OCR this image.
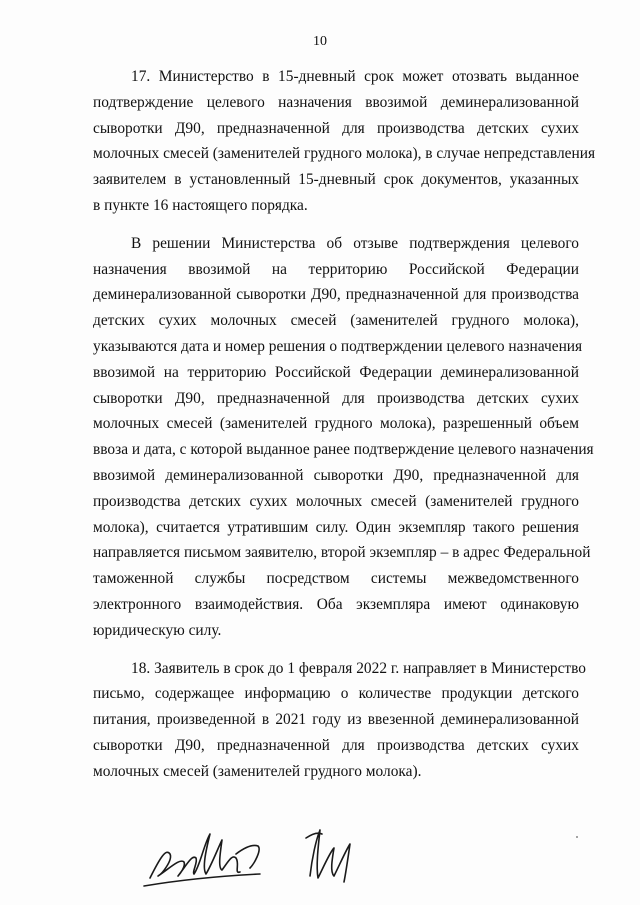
10
17. Министерство в 15-дневный срок может отозвать выданное
подтверждение целевого назначения ввозимой деминерализованной
сыворотки Д90, предназначенной для производства детских сухих
молочных смесей (заменителей грудного молока), в случае непредставления
заявителем в установленный 15-дневный срок документов, указанных
в пункте 16 настоящего порядка.
В решении Министерства об отзыве подтверждения целевого
назначения ввозимой на территорию Российской Федерации
деминерализованной сыворотки Д90, предназначенной для производства
детских сухих молочных смесей (заменителей грудного молока),
указываются дата и номер решения о подтверждении целевого назначения
ввозимой на территорию Российской Федерации деминерализованной
сыворотки Д90, предназначенной для производства детских сухих
молочных смесей (заменителей грудного молока), разрешенный объем
ввоза и дата, с которой выданное ранее подтверждение целевого назначения
ввозимой деминерализованной сыворотки Д90, предназначенной для
производства детских сухих молочных смесей (заменителей грудного
молока), считается утратившим силу. Один экземпляр такого решения
направляется письмом заявителю, второй экземпляр – в адрес Федеральной
таможенной службы посредством системы межведомственного
электронного взаимодействия. Оба экземпляра имеют одинаковую
юридическую силу.
18. Заявитель в срок до 1 февраля 2022 г. направляет в Министерство
письмо, содержащее информацию о количестве продукции детского
питания, произведенной в 2021 году из ввезенной деминерализованной
сыворотки Д90, предназначенной для производства детских сухих
молочных смесей (заменителей грудного молока).
